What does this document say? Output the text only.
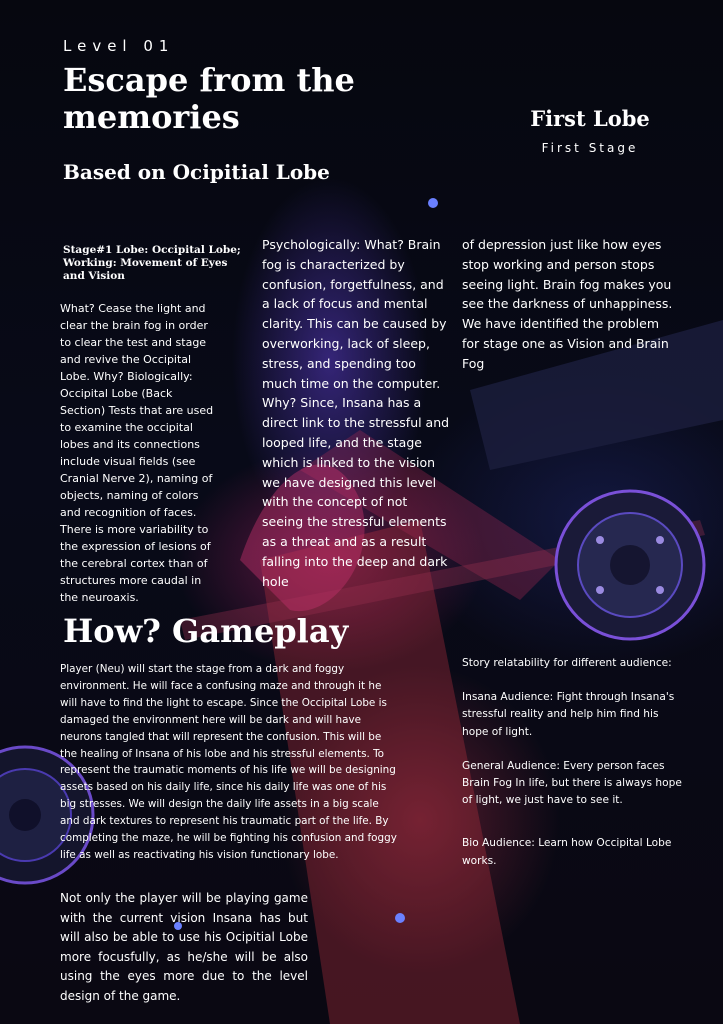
Level 01
Escape from the memories
Based on Ocipitial Lobe
First Lobe
First Stage
Stage#1 Lobe: Occipital Lobe; Working: Movement of Eyes and Vision
What? Cease the light and clear the brain fog in order to clear the test and stage and revive the Occipital Lobe. Why? Biologically: Occipital Lobe (Back Section) Tests that are used to examine the occipital lobes and its connections include visual fields (see Cranial Nerve 2), naming of objects, naming of colors and recognition of faces. There is more variability to the expression of lesions of the cerebral cortex than of structures more caudal in the neuroaxis.
Psychologically: What? Brain fog is characterized by confusion, forgetfulness, and a lack of focus and mental clarity. This can be caused by overworking, lack of sleep, stress, and spending too much time on the computer. Why? Since, Insana has a direct link to the stressful and looped life, and the stage which is linked to the vision we have designed this level with the concept of not seeing the stressful elements as a threat and as a result falling into the deep and dark hole
of depression just like how eyes stop working and person stops seeing light. Brain fog makes you see the darkness of unhappiness. We have identified the problem for stage one as Vision and Brain Fog
How? Gameplay
Player (Neu) will start the stage from a dark and foggy environment. He will face a confusing maze and through it he will have to find the light to escape. Since the Occipital Lobe is damaged the environment here will be dark and will have neurons tangled that will represent the confusion. This will be the healing of Insana of his lobe and his stressful elements. To represent the traumatic moments of his life we will be designing assets based on his daily life, since his daily life was one of his big stresses. We will design the daily life assets in a big scale and dark textures to represent his traumatic part of the life. By completing the maze, he will be fighting his confusion and foggy life as well as reactivating his vision functionary lobe.
Not only the player will be playing game with the current vision Insana has but will also be able to use his Ocipitial Lobe more focusfully, as he/she will be also using the eyes more due to the level design of the game.

Story relatability for different audience:

Insana Audience: Fight through Insana's stressful reality and help him find his hope of light.

General Audience: Every person faces Brain Fog In life, but there is always hope of light, we just have to see it.

Bio Audience: Learn how Occipital Lobe works.
